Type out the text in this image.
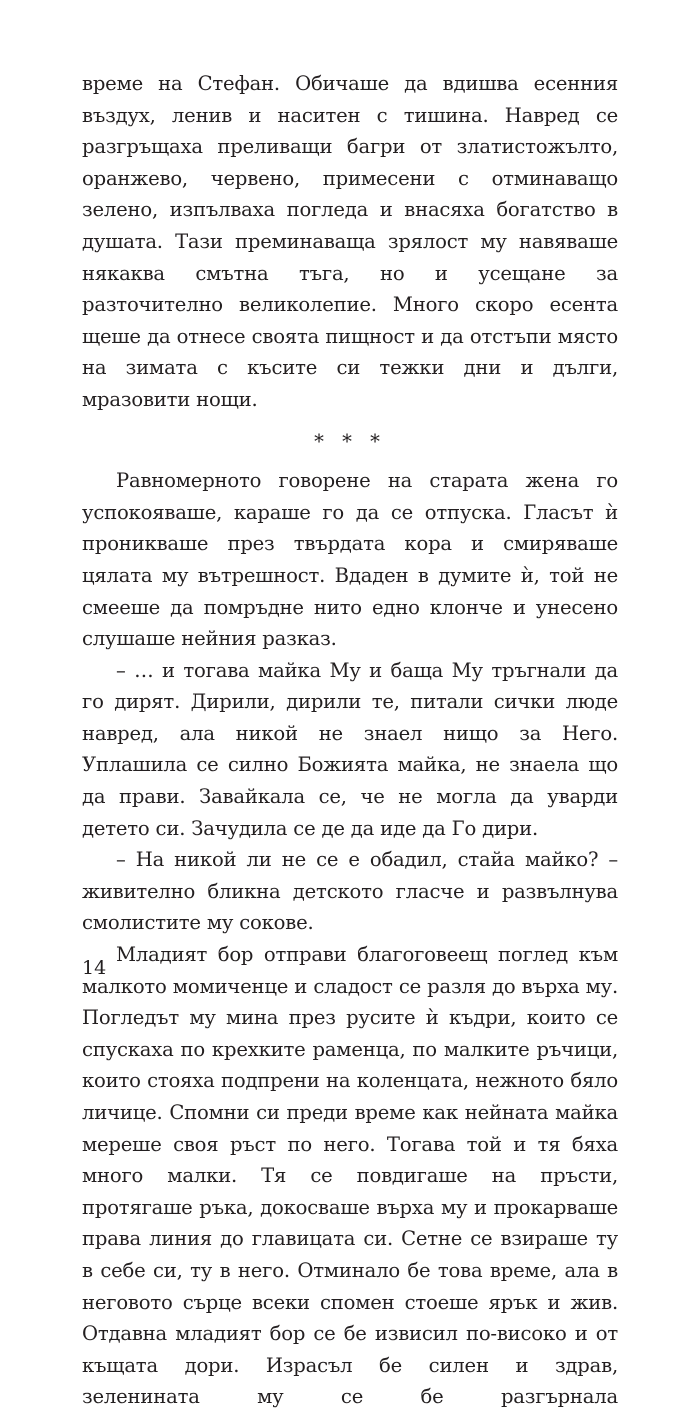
време на Стефан. Обичаше да вдишва есенния въздух, ленив и наситен с тишина. Навред се разгръщаха преливащи багри от златистожълто, оранжево, червено, примесени с отминаващо зелено, изпълваха погледа и внасяха богатство в душата. Тази преминаваща зрялост му навяваше някаква смътна тъга, но и усещане за разточително великолепие. Много скоро есента щеше да отнесе своята пищност и да отстъпи място на зимата с късите си тежки дни и дълги, мразовити нощи.

* * *

Равномерното говорене на старата жена го успокояваше, караше го да се отпуска. Гласът ѝ проникваше през твърдата кора и смиряваше цялата му вътрешност. Вдаден в думите ѝ, той не смееше да помръдне нито едно клонче и унесено слушаше нейния разказ.

– … и тогава майка Му и баща Му тръгнали да го дирят. Дирили, дирили те, питали сички люде навред, ала никой не знаел нищо за Него. Уплашила се силно Божията майка, не знаела що да прави. Завайкала се, че не могла да уварди детето си. Зачудила се де да иде да Го дири.

– На никой ли не се е обадил, стайа майко? – живително бликна детското гласче и развълнува смолистите му сокове.

Младият бор отправи благоговеещ поглед към малкото момиченце и сладост се разля до върха му. Погледът му мина през русите ѝ къдри, които се спускаха по крехките раменца, по малките ръчици, които стояха подпрени на коленцата, нежното бяло личице. Спомни си преди време как нейната майка мереше своя ръст по него. Тогава той и тя бяха много малки. Тя се повдигаше на пръсти, протягаше ръка, докосваше върха му и прокарваше права линия до главицата си. Сетне се взираше ту в себе си, ту в него. Отминало бе това време, ала в неговото сърце всеки спомен стоеше ярък и жив. Отдавна младият бор се бе извисил по-високо и от къщата дори. Израсъл бе силен и здрав, зеленината му се бе разгърнала

14
